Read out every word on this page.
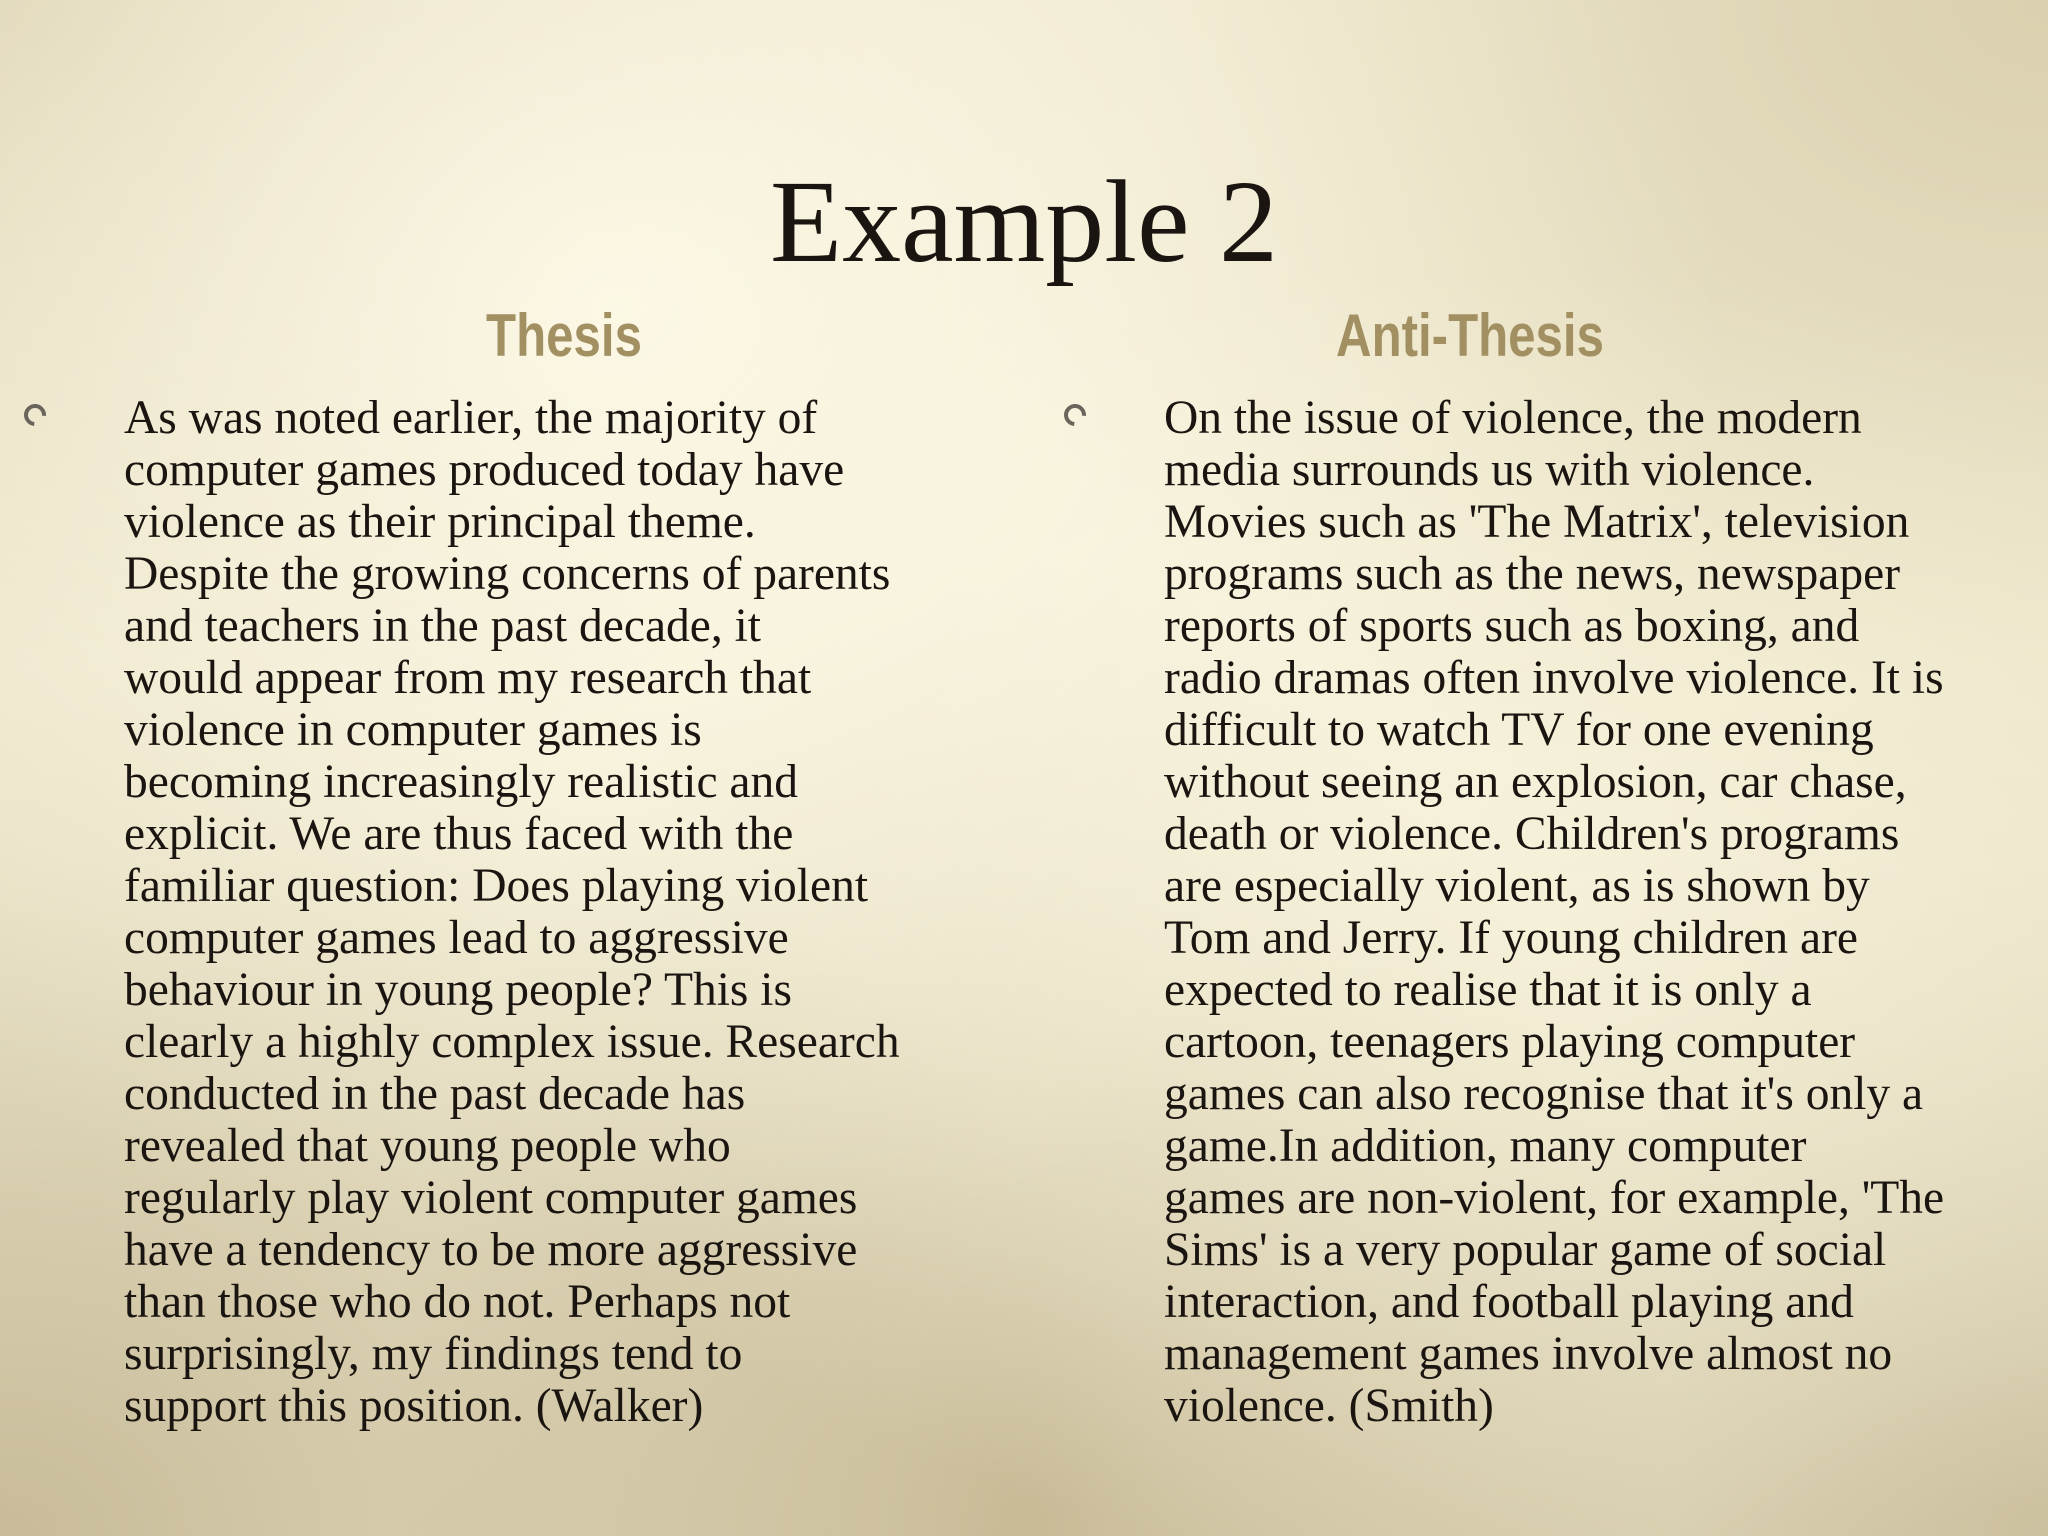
Example 2
Thesis	Anti-Thesis

As was noted earlier, the majority of
computer games produced today have
violence as their principal theme.
Despite the growing concerns of parents
and teachers in the past decade, it
would appear from my research that
violence in computer games is
becoming increasingly realistic and
explicit. We are thus faced with the
familiar question: Does playing violent
computer games lead to aggressive
behaviour in young people? This is
clearly a highly complex issue. Research
conducted in the past decade has
revealed that young people who
regularly play violent computer games
have a tendency to be more aggressive
than those who do not. Perhaps not
surprisingly, my findings tend to
support this position. (Walker)

On the issue of violence, the modern
media surrounds us with violence.
Movies such as 'The Matrix', television
programs such as the news, newspaper
reports of sports such as boxing, and
radio dramas often involve violence. It is
difficult to watch TV for one evening
without seeing an explosion, car chase,
death or violence. Children's programs
are especially violent, as is shown by
Tom and Jerry. If young children are
expected to realise that it is only a
cartoon, teenagers playing computer
games can also recognise that it's only a
game.In addition, many computer
games are non-violent, for example, 'The
Sims' is a very popular game of social
interaction, and football playing and
management games involve almost no
violence. (Smith)
